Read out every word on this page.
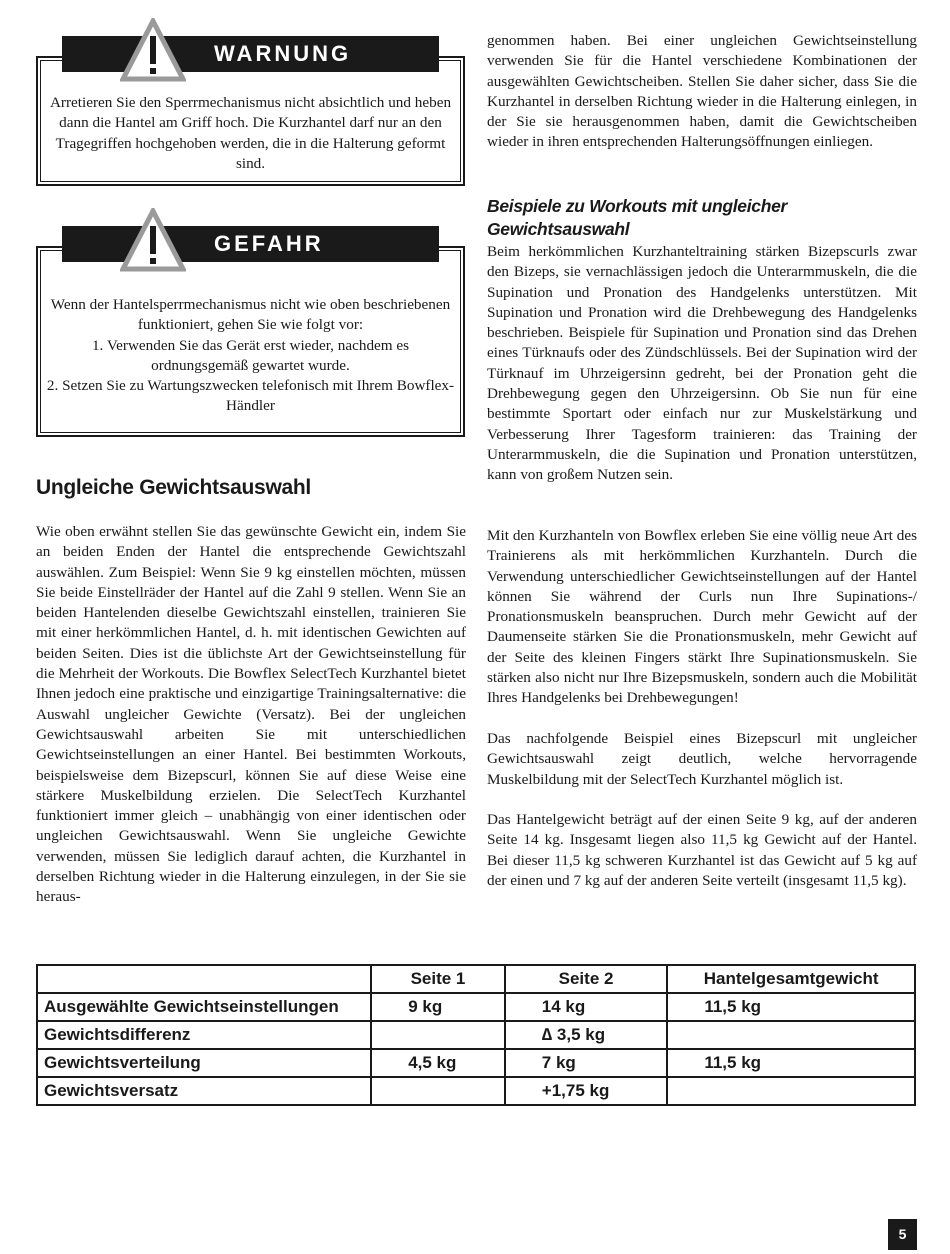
WARNUNG
Arretieren Sie den Sperrmechanismus nicht absichtlich und heben dann die Hantel am Griff hoch. Die Kurzhantel darf nur an den Tragegriffen hochgehoben werden, die in die Halterung geformt sind.
GEFAHR
Wenn der Hantelsperrmechanismus nicht wie oben beschriebenen funktioniert, gehen Sie wie folgt vor:
1. Verwenden Sie das Gerät erst wieder, nachdem es ordnungsgemäß gewartet wurde.
2. Setzen Sie zu Wartungszwecken telefonisch mit Ihrem Bowflex-Händler
Ungleiche Gewichtsauswahl
Wie oben erwähnt stellen Sie das gewünschte Gewicht ein, indem Sie an beiden Enden der Hantel die entsprechende Gewichtszahl auswählen. Zum Beispiel: Wenn Sie 9 kg einstellen möchten, müssen Sie beide Einstellräder der Hantel auf die Zahl 9 stellen. Wenn Sie an beiden Hantelenden dieselbe Gewichtszahl einstellen, trainieren Sie mit einer herkömmlichen Hantel, d. h. mit identischen Gewichten auf beiden Seiten. Dies ist die üblichste Art der Gewichtseinstellung für die Mehrheit der Workouts. Die Bowflex SelectTech Kurzhantel bietet Ihnen jedoch eine praktische und einzigartige Trainingsalternative: die Auswahl ungleicher Gewichte (Versatz). Bei der ungleichen Gewichtsauswahl arbeiten Sie mit unterschiedlichen Gewichtseinstellungen an einer Hantel. Bei bestimmten Workouts, beispielsweise dem Bizepscurl, können Sie auf diese Weise eine stärkere Muskelbildung erzielen. Die SelectTech Kurzhantel funktioniert immer gleich – unabhängig von einer identischen oder ungleichen Gewichtsauswahl. Wenn Sie ungleiche Gewichte verwenden, müssen Sie lediglich darauf achten, die Kurzhantel in derselben Richtung wieder in die Halterung einzulegen, in der Sie sie heraus-
genommen haben. Bei einer ungleichen Gewichtseinstellung verwenden Sie für die Hantel verschiedene Kombinationen der ausgewählten Gewichtscheiben. Stellen Sie daher sicher, dass Sie die Kurzhantel in derselben Richtung wieder in die Halterung einlegen, in der Sie sie herausgenommen haben, damit die Gewichtscheiben wieder in ihren entsprechenden Halterungsöffnungen einliegen.
Beispiele zu Workouts mit ungleicher Gewichtsauswahl
Beim herkömmlichen Kurzhanteltraining stärken Bizepscurls zwar den Bizeps, sie vernachlässigen jedoch die Unterarmmuskeln, die die Supination und Pronation des Handgelenks unterstützen. Mit Supination und Pronation wird die Drehbewegung des Handgelenks beschrieben. Beispiele für Supination und Pronation sind das Drehen eines Türknaufs oder des Zündschlüssels. Bei der Supination wird der Türknauf im Uhrzeigersinn gedreht, bei der Pronation geht die Drehbewegung gegen den Uhrzeigersinn. Ob Sie nun für eine bestimmte Sportart oder einfach nur zur Muskelstärkung und Verbesserung Ihrer Tagesform trainieren: das Training der Unterarmmuskeln, die die Supination und Pronation unterstützen, kann von großem Nutzen sein.
Mit den Kurzhanteln von Bowflex erleben Sie eine völlig neue Art des Trainierens als mit herkömmlichen Kurzhanteln. Durch die Verwendung unterschiedlicher Gewichtseinstellungen auf der Hantel können Sie während der Curls nun Ihre Supinations-/ Pronationsmuskeln beanspruchen. Durch mehr Gewicht auf der Daumenseite stärken Sie die Pronationsmuskeln, mehr Gewicht auf der Seite des kleinen Fingers stärkt Ihre Supinationsmuskeln. Sie stärken also nicht nur Ihre Bizepsmuskeln, sondern auch die Mobilität Ihres Handgelenks bei Drehbewegungen!
Das nachfolgende Beispiel eines Bizepscurl mit ungleicher Gewichtsauswahl zeigt deutlich, welche hervorragende Muskelbildung mit der SelectTech Kurzhantel möglich ist.
Das Hantelgewicht beträgt auf der einen Seite 9 kg, auf der anderen Seite 14 kg. Insgesamt liegen also 11,5 kg Gewicht auf der Hantel. Bei dieser 11,5 kg schweren Kurzhantel ist das Gewicht auf 5 kg auf der einen und 7 kg auf der anderen Seite verteilt (insgesamt 11,5 kg).
	Seite 1	Seite 2	Hantelgesamtgewicht
Ausgewählte Gewichtseinstellungen	9 kg	14 kg	11,5 kg
Gewichtsdifferenz		∆ 3,5 kg	
Gewichtsverteilung	4,5 kg	7 kg	11,5 kg
Gewichtsversatz		+1,75 kg	
5
